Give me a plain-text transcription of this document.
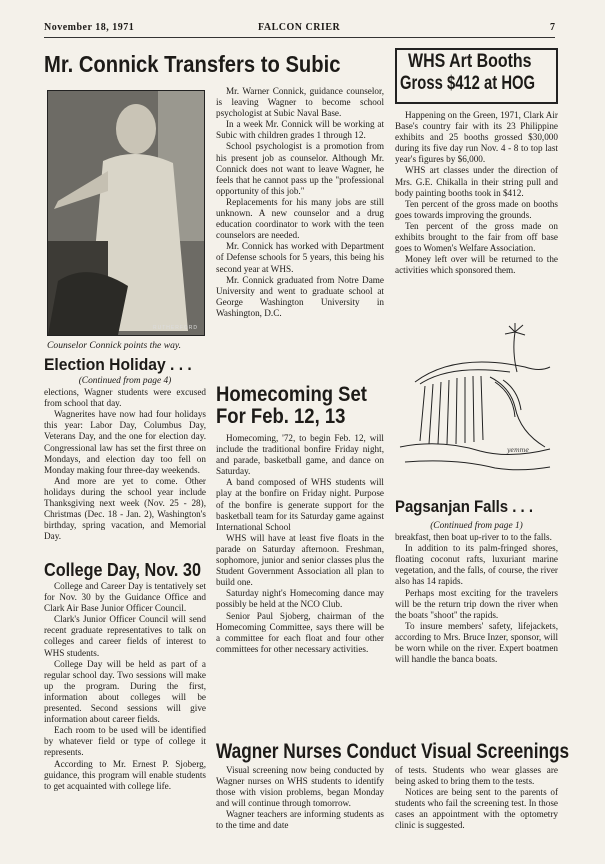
November 18, 1971	FALCON CRIER	7
Mr. Connick Transfers to Subic
RUTHERFORD
Counselor Connick points the way.

Mr. Warner Connick, guidance counselor, is leaving Wagner to become school psychologist at Subic Naval Base.

In a week Mr. Connick will be working at Subic with children grades 1 through 12.

School psychologist is a promotion from his present job as counselor. Although Mr. Connick does not want to leave Wagner, he feels that he cannot pass up the "professional opportunity of this job."

Replacements for his many jobs are still unknown. A new counselor and a drug education coordinator to work with the teen counselors are needed.

Mr. Connick has worked with Department of Defense schools for 5 years, this being his second year at WHS.

Mr. Connick graduated from Notre Dame University and went to graduate school at George Washington University in Washington, D.C.

Election Holiday . . .

(Continued from page 4)

elections, Wagner students were excused from school that day.

Wagnerites have now had four holidays this year: Labor Day, Columbus Day, Veterans Day, and the one for election day. Congressional law has set the first three on Mondays, and election day too fell on Monday making four three-day weekends.

And more are yet to come. Other holidays during the school year include Thanksgiving next week (Nov. 25 - 28), Christmas (Dec. 18 - Jan. 2), Washington's birthday, spring vacation, and Memorial Day.

College Day, Nov. 30

College and Career Day is tentatively set for Nov. 30 by the Guidance Office and Clark Air Base Junior Officer Council.

Clark's Junior Officer Council will send recent graduate representatives to talk on colleges and career fields of interest to WHS students.

College Day will be held as part of a regular school day. Two sessions will make up the program. During the first, information about colleges will be presented. Second sessions will give information about career fields.

Each room to be used will be identified by whatever field or type of college it represents.

According to Mr. Ernest P. Sjoberg, guidance, this program will enable students to get acquainted with college life.

Homecoming Set
For Feb. 12, 13

Homecoming, '72, to begin Feb. 12, will include the traditional bonfire Friday night, and parade, basketball game, and dance on Saturday.

A band composed of WHS students will play at the bonfire on Friday night. Purpose of the bonfire is generate support for the basketball team for its Saturday game against International School

WHS will have at least five floats in the parade on Saturday afternoon. Freshman, sophomore, junior and senior classes plus the Student Government Association all plan to build one.

Saturday night's Homecoming dance may possibly be held at the NCO Club.

Senior Paul Sjoberg, chairman of the Homecoming Committee, says there will be a committee for each float and four other committees for other necessary activities.

WHS Art Booths
Gross $412 at HOG

Happening on the Green, 1971, Clark Air Base's country fair with its 23 Philippine exhibits and 25 booths grossed $30,000 during its five day run Nov. 4 - 8 to top last year's figures by $6,000.

WHS art classes under the direction of Mrs. G.E. Chikalla in their string pull and body painting booths took in $412.

Ten percent of the gross made on booths goes towards improving the grounds.

Ten percent of the gross made on exhibits brought to the fair from off base goes to Women's Welfare Association.

Money left over will be returned to the activities which sponsored them.

yemme
Pagsanjan Falls . . .

(Continued from page 1)

breakfast, then boat up-river to to the falls.

In addition to its palm-fringed shores, floating coconut rafts, luxuriant marine vegetation, and the falls, of course, the river also has 14 rapids.

Perhaps most exciting for the travelers will be the return trip down the river when the boats "shoot" the rapids.

To insure members' safety, lifejackets, according to Mrs. Bruce Inzer, sponsor, will be worn while on the river. Expert boatmen will handle the banca boats.

Wagner Nurses Conduct Visual Screenings

Visual screening now being conducted by Wagner nurses on WHS students to identify those with vision problems, began Monday and will continue through tomorrow.

Wagner teachers are informing students as to the time and date

of tests. Students who wear glasses are being asked to bring them to the tests.

Notices are being sent to the parents of students who fail the screening test. In those cases an appointment with the optometry clinic is suggested.
